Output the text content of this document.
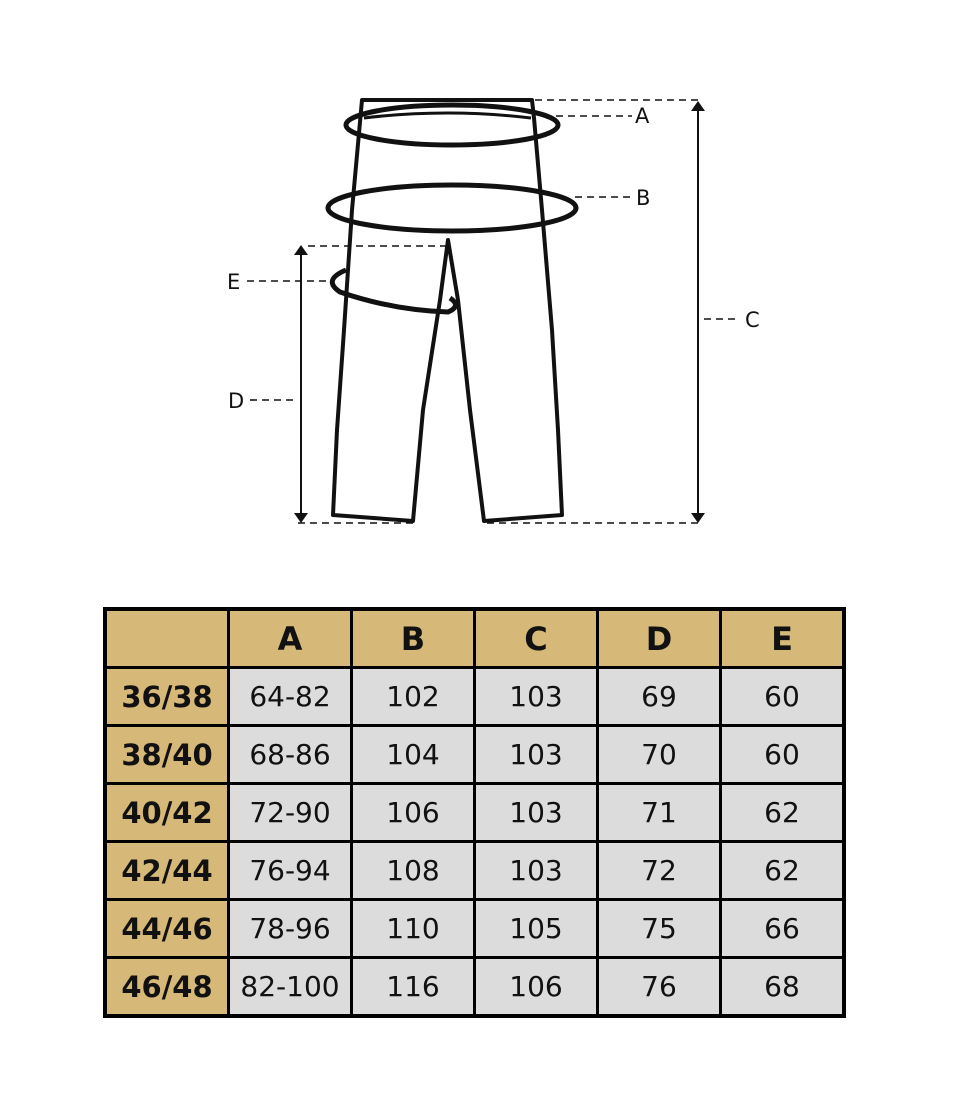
A
B
C
D
E
	A	B	C	D	E
36/38	64-82	102	103	69	60
38/40	68-86	104	103	70	60
40/42	72-90	106	103	71	62
42/44	76-94	108	103	72	62
44/46	78-96	110	105	75	66
46/48	82-100	116	106	76	68
